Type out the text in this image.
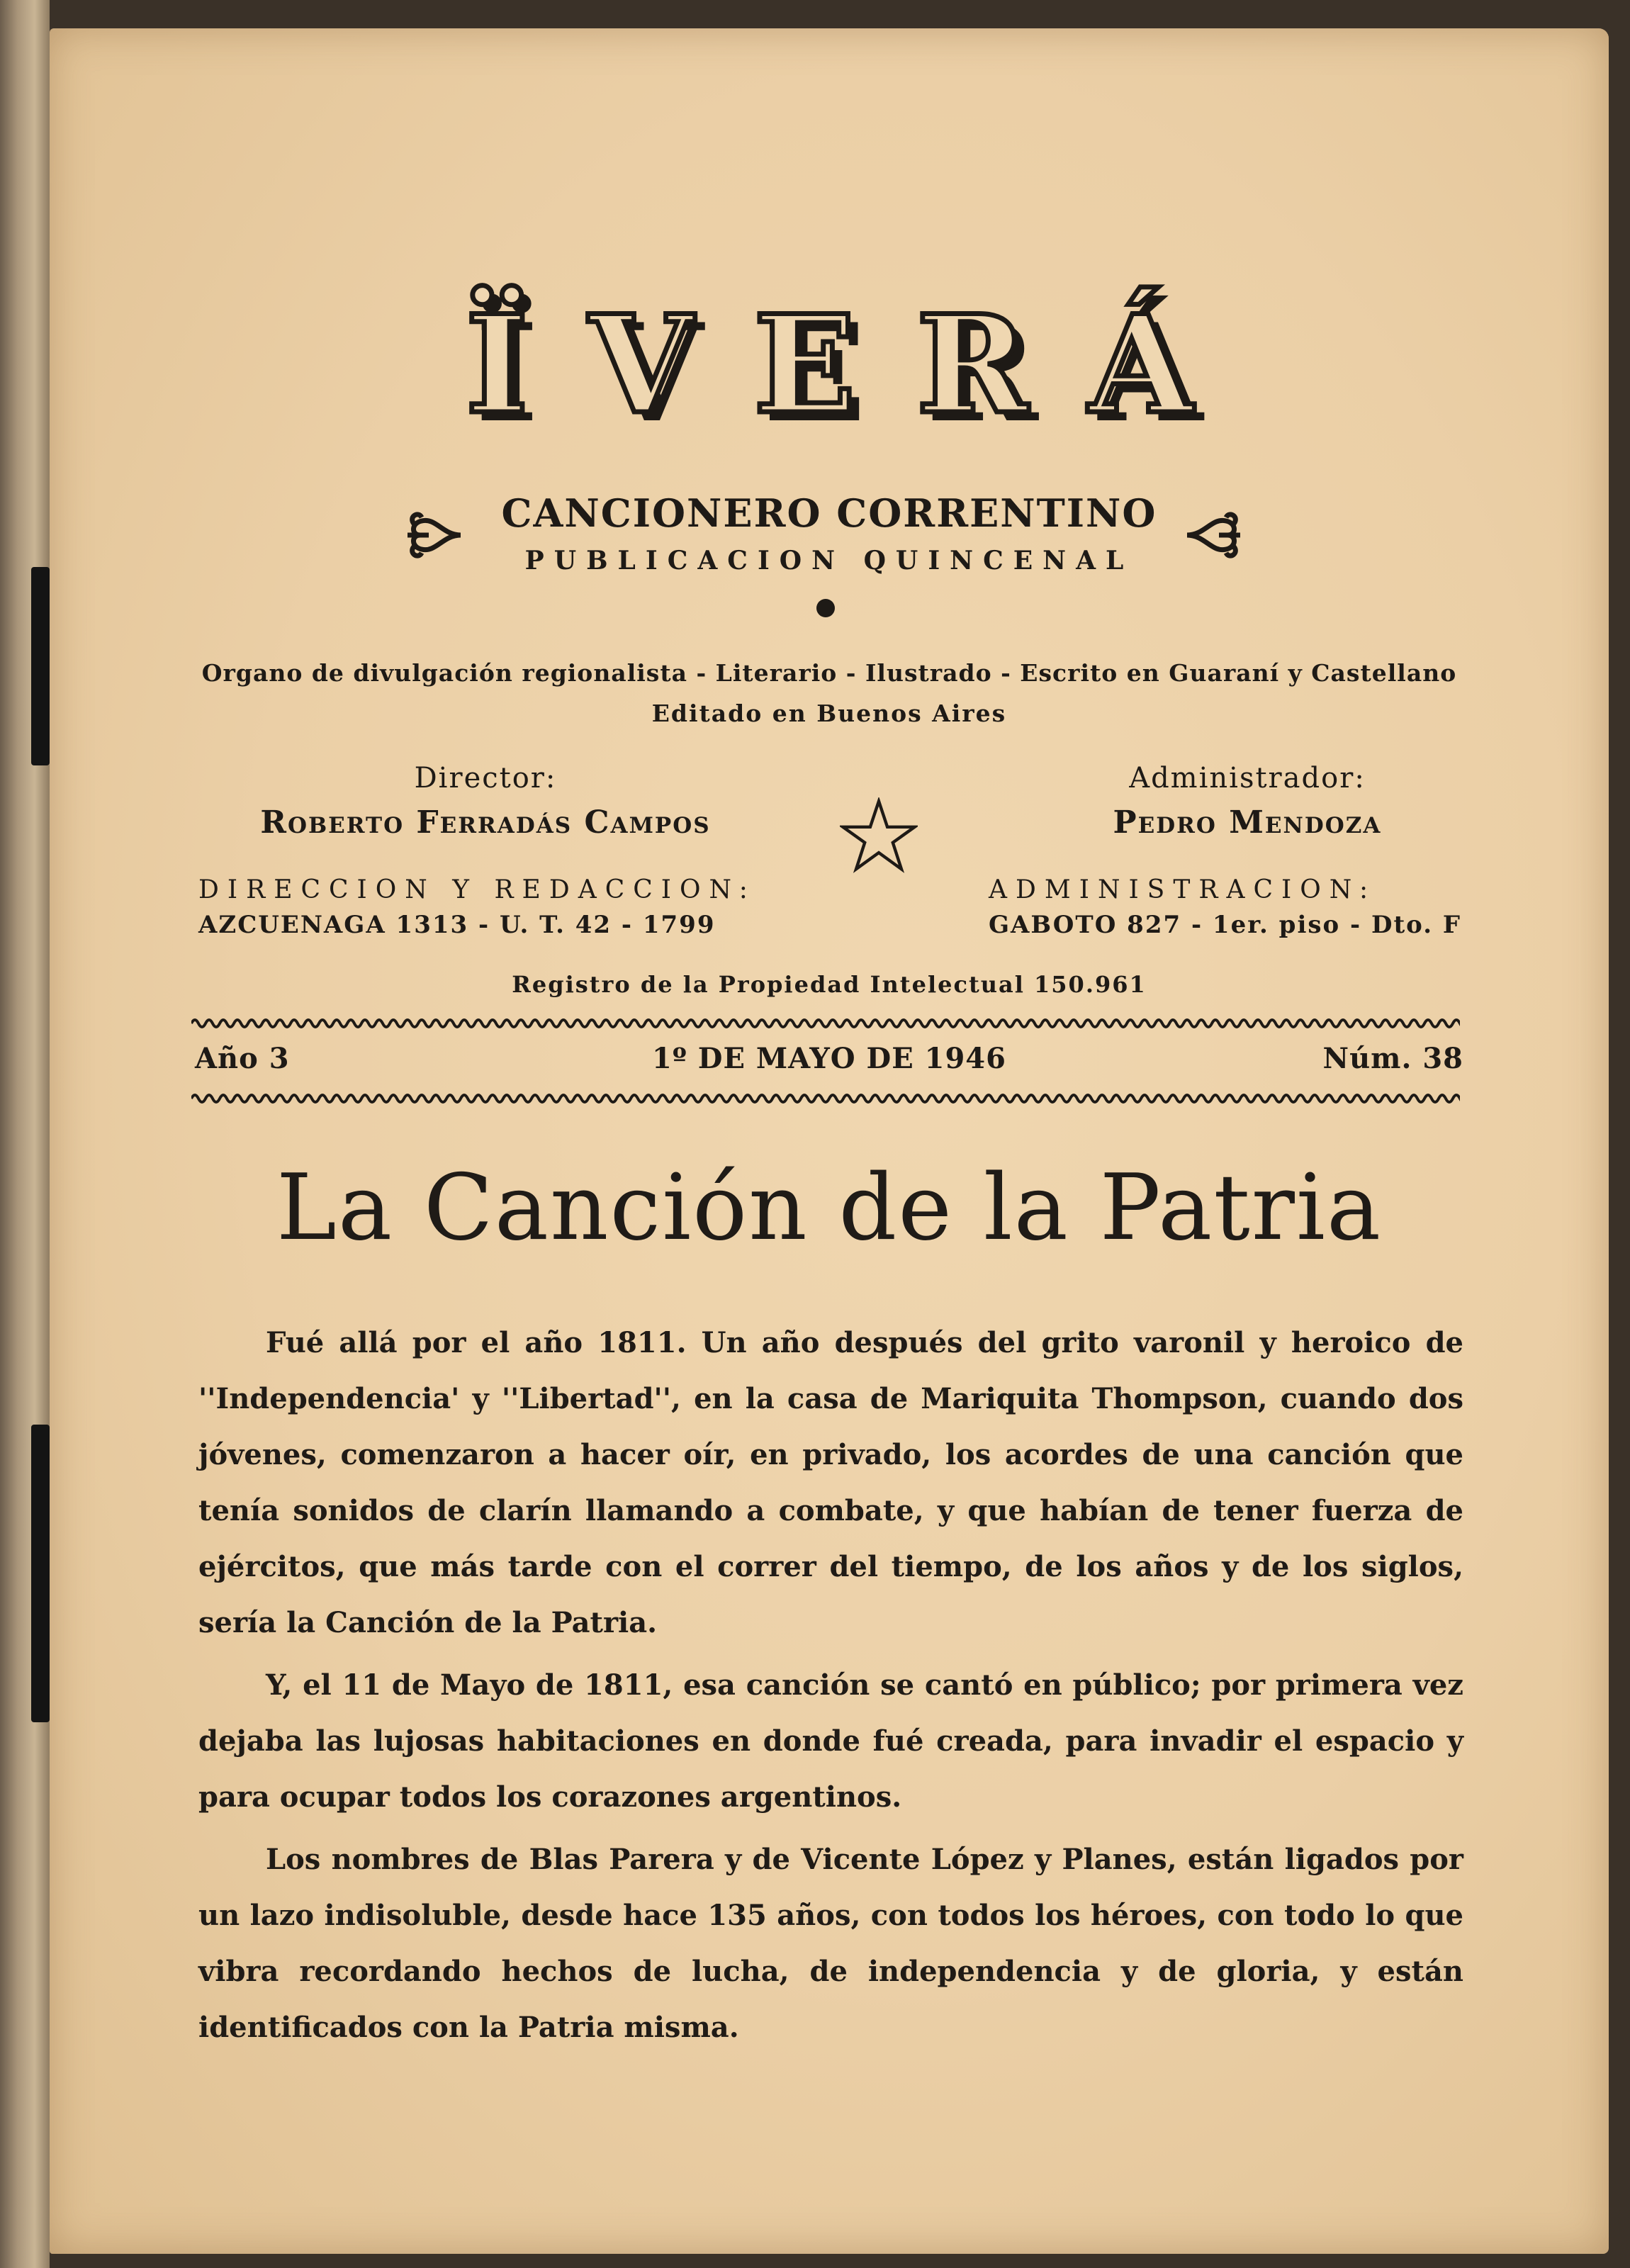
ÏVERÁ
CANCIONERO CORRENTINO
PUBLICACION QUINCENAL
Organo de divulgación regionalista - Literario - Ilustrado - Escrito en Guaraní y Castellano
Editado en Buenos Aires
Director:
Roberto Ferradás Campos
Administrador:
Pedro Mendoza
DIRECCION Y REDACCION:
AZCUENAGA 1313 - U. T. 42 - 1799
ADMINISTRACION:
GABOTO 827 - 1er. piso - Dto. F
Registro de la Propiedad Intelectual 150.961
Año 3	1º DE MAYO DE 1946	Núm. 38
La Canción de la Patria

Fué allá por el año 1811. Un año después del grito varonil y heroico de ''Independencia' y ''Libertad'', en la casa de Mariquita Thompson, cuando dos jóvenes, comenzaron a hacer oír, en privado, los acordes de una canción que tenía sonidos de clarín llamando a combate, y que habían de tener fuerza de ejércitos, que más tarde con el correr del tiempo, de los años y de los siglos, sería la Canción de la Patria.

Y, el 11 de Mayo de 1811, esa canción se cantó en público; por primera vez dejaba las lujosas habitaciones en donde fué creada, para invadir el espacio y para ocupar todos los corazones argentinos.

Los nombres de Blas Parera y de Vicente López y Planes, están ligados por un lazo indisoluble, desde hace 135 años, con todos los héroes, con todo lo que vibra recordando hechos de lucha, de independencia y de gloria, y están identificados con la Patria misma.
